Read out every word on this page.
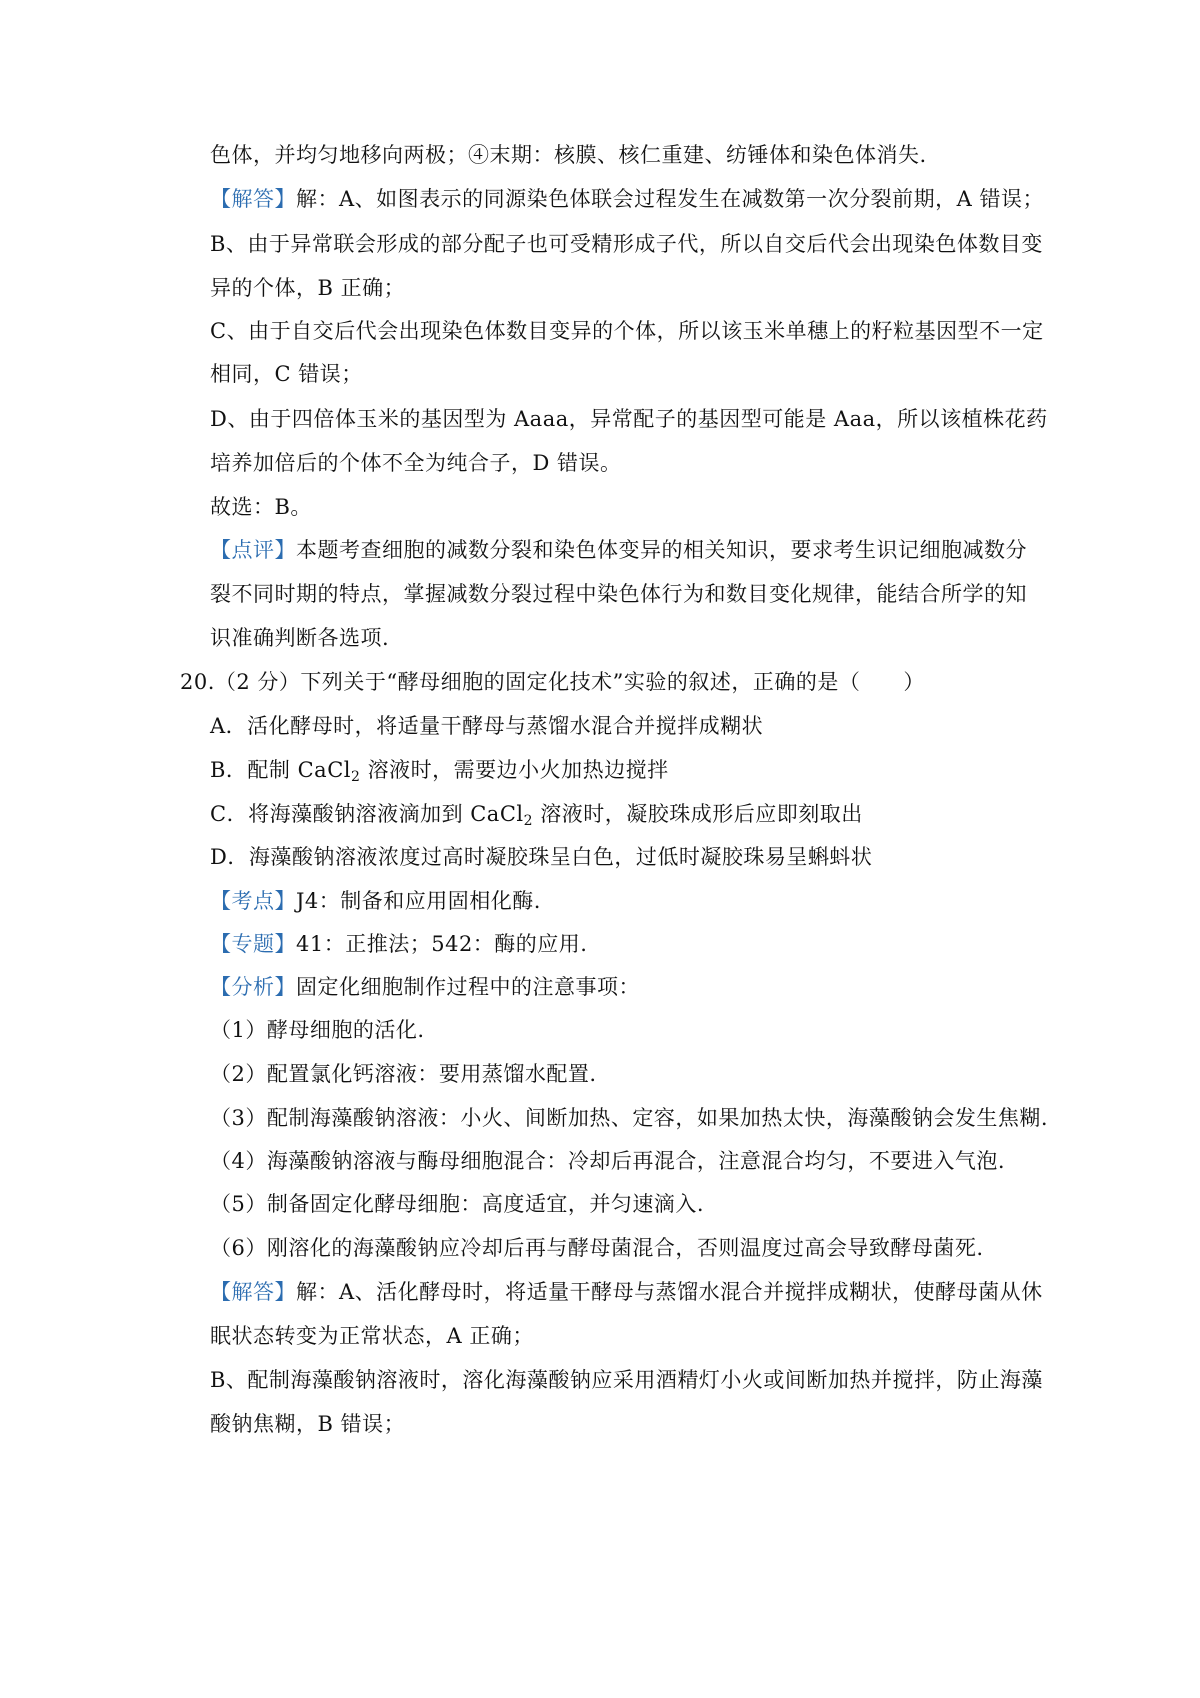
色体，并均匀地移向两极；④末期：核膜、核仁重建、纺锤体和染色体消失.
【解答】解：A、如图表示的同源染色体联会过程发生在减数第一次分裂前期，A 错误；
B、由于异常联会形成的部分配子也可受精形成子代，所以自交后代会出现染色体数目变
异的个体，B 正确；
C、由于自交后代会出现染色体数目变异的个体，所以该玉米单穗上的籽粒基因型不一定
相同，C 错误；
D、由于四倍体玉米的基因型为 Aaaa，异常配子的基因型可能是 Aaa，所以该植株花药
培养加倍后的个体不全为纯合子，D 错误。
故选：B。
【点评】本题考查细胞的减数分裂和染色体变异的相关知识，要求考生识记细胞减数分
裂不同时期的特点，掌握减数分裂过程中染色体行为和数目变化规律，能结合所学的知
识准确判断各选项.
20.（2 分）下列关于“酵母细胞的固定化技术”实验的叙述，正确的是（　　）
A．活化酵母时，将适量干酵母与蒸馏水混合并搅拌成糊状
B．配制 CaCl$_2$ 溶液时，需要边小火加热边搅拌
C．将海藻酸钠溶液滴加到 CaCl$_2$ 溶液时，凝胶珠成形后应即刻取出
D．海藻酸钠溶液浓度过高时凝胶珠呈白色，过低时凝胶珠易呈蝌蚪状
【考点】J4：制备和应用固相化酶.
【专题】41：正推法；542：酶的应用.
【分析】固定化细胞制作过程中的注意事项：
（1）酵母细胞的活化.
（2）配置氯化钙溶液：要用蒸馏水配置.
（3）配制海藻酸钠溶液：小火、间断加热、定容，如果加热太快，海藻酸钠会发生焦糊.
（4）海藻酸钠溶液与酶母细胞混合：冷却后再混合，注意混合均匀，不要进入气泡.
（5）制备固定化酵母细胞：高度适宜，并匀速滴入.
（6）刚溶化的海藻酸钠应冷却后再与酵母菌混合，否则温度过高会导致酵母菌死.
【解答】解：A、活化酵母时，将适量干酵母与蒸馏水混合并搅拌成糊状，使酵母菌从休
眠状态转变为正常状态，A 正确；
B、配制海藻酸钠溶液时，溶化海藻酸钠应采用酒精灯小火或间断加热并搅拌，防止海藻
酸钠焦糊，B 错误；
